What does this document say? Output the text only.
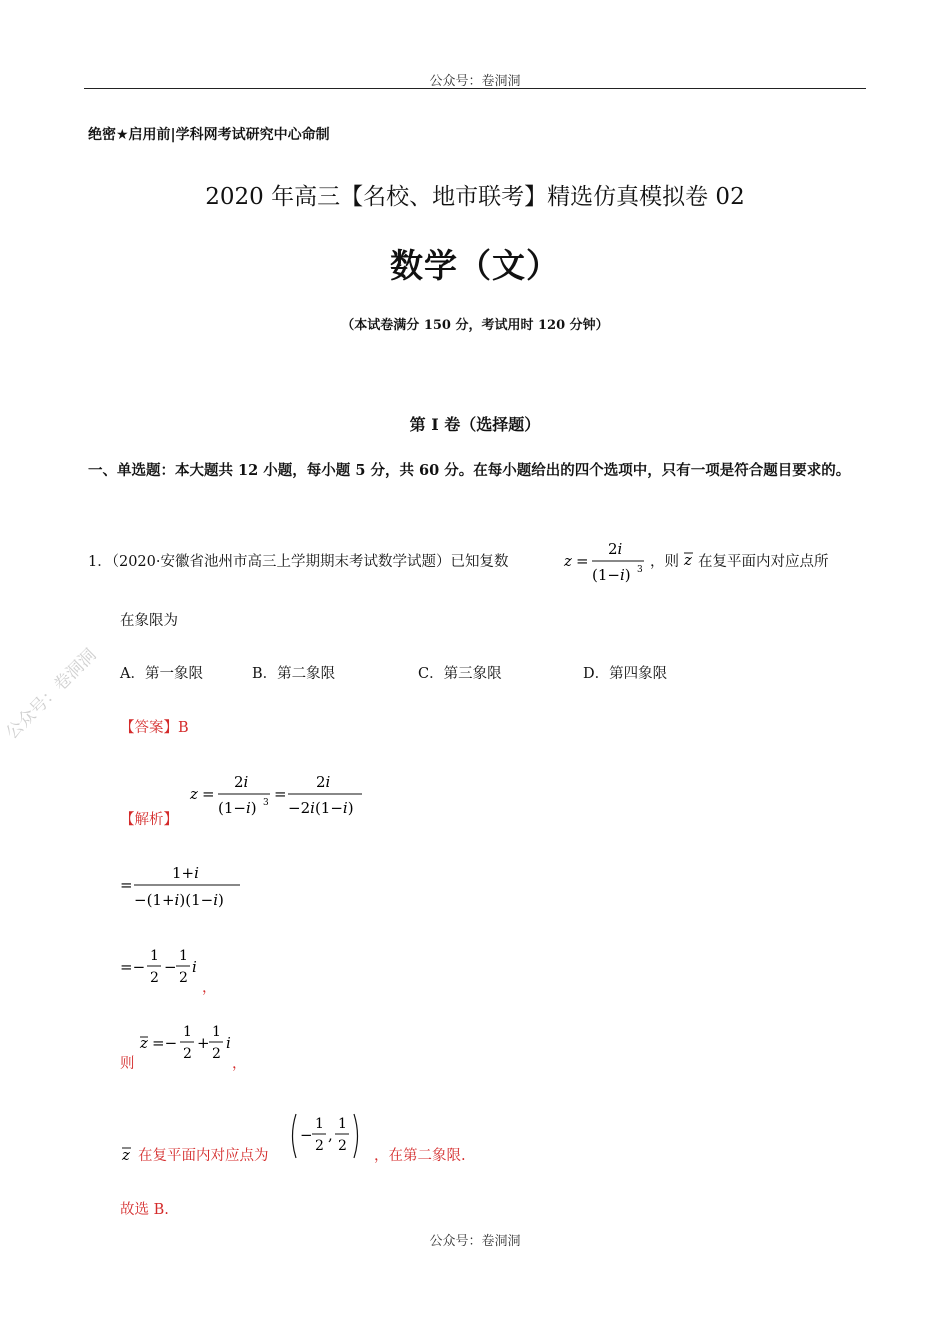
公众号：卷洞洞
公众号：卷洞洞
绝密★启用前|学科网考试研究中心命制
2020 年高三【名校、地市联考】精选仿真模拟卷 02
数学（文）
（本试卷满分 150 分，考试用时 120 分钟）
第 I 卷（选择题）
一、单选题：本大题共 12 小题，每小题 5 分，共 60 分。在每小题给出的四个选项中，只有一项是符合题目要求的。
1．（2020·安徽省池州市高三上学期期末考试数学试题）已知复数	z =
2i
(1−i) 3 ，则 z 在复平面内对应点所
在象限为
A．第一象限	B．第二象限	C．第三象限	D．第四象限
【答案】B
【解析】
z =
2i
(1−i) 3 =
2i
−2i(1−i)
=
1+i
−(1+i)(1−i)
=−
1
2
−
1
2
i
，
则
z =−
1
2
+
1
2
i
，
z 在复平面内对应点为
−
1
2
,
1
2
，在第二象限.
故选 B.
公众号：卷洞洞
